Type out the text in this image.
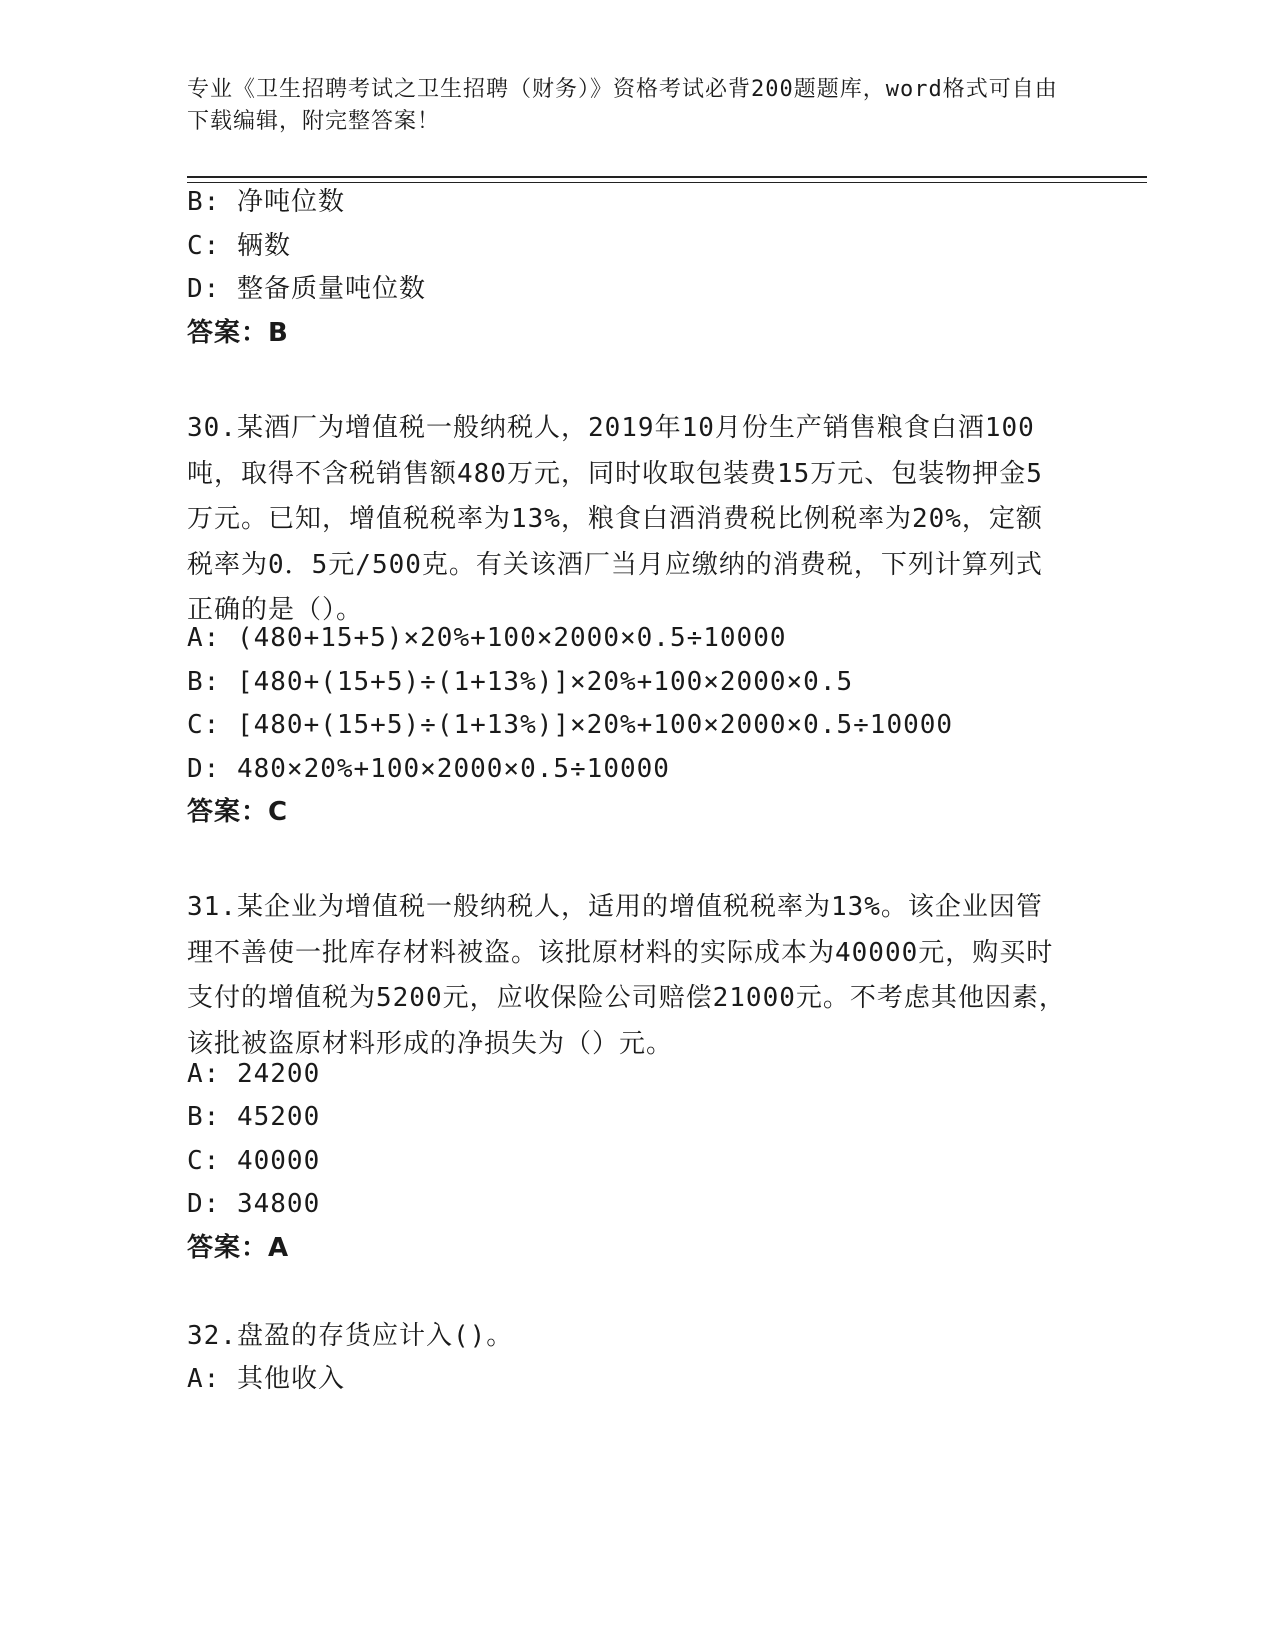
专业《卫生招聘考试之卫生招聘（财务）》资格考试必背200题题库，word格式可自由下载编辑，附完整答案！
B: 净吨位数
C: 辆数
D: 整备质量吨位数
答案：B
30.某酒厂为增值税一般纳税人，2019年10月份生产销售粮食白酒100吨，取得不含税销售额480万元，同时收取包装费15万元、包装物押金5万元。已知，增值税税率为13%，粮食白酒消费税比例税率为20%，定额税率为0．5元/500克。有关该酒厂当月应缴纳的消费税，下列计算列式正确的是（）。
A: (480+15+5)×20%+100×2000×0.5÷10000
B: [480+(15+5)÷(1+13%)]×20%+100×2000×0.5
C: [480+(15+5)÷(1+13%)]×20%+100×2000×0.5÷10000
D: 480×20%+100×2000×0.5÷10000
答案：C
31.某企业为增值税一般纳税人，适用的增值税税率为13%。该企业因管理不善使一批库存材料被盗。该批原材料的实际成本为40000元，购买时支付的增值税为5200元，应收保险公司赔偿21000元。不考虑其他因素，该批被盗原材料形成的净损失为（）元。
A: 24200
B: 45200
C: 40000
D: 34800
答案：A
32.盘盈的存货应计入()。
A: 其他收入
